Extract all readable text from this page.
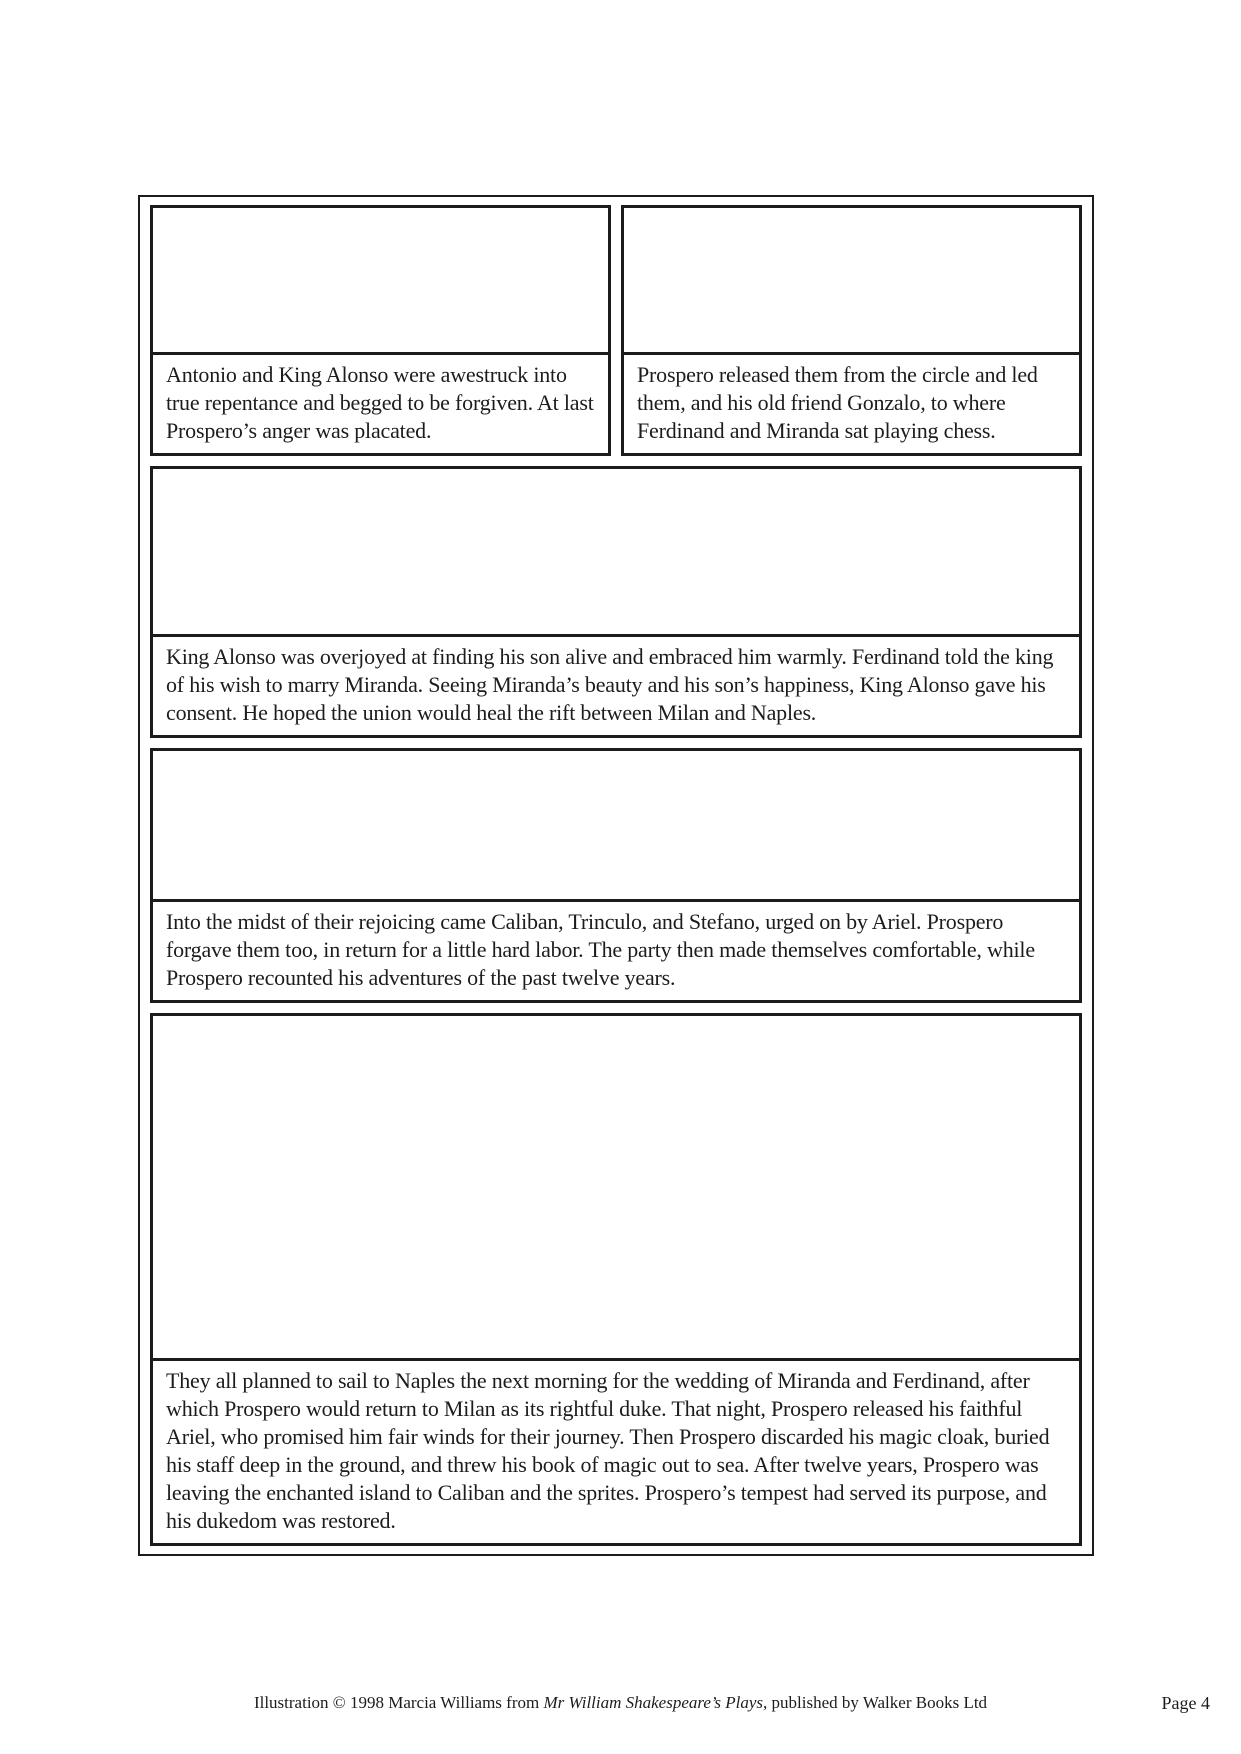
Antonio and King Alonso were awestruck into true repentance and begged to be forgiven. At last Prospero’s anger was placated.

Prospero released them from the circle and led them, and his old friend Gonzalo, to where Ferdinand and Miranda sat playing chess.

King Alonso was overjoyed at finding his son alive and embraced him warmly. Ferdinand told the king of his wish to marry Miranda. Seeing Miranda’s beauty and his son’s happiness, King Alonso gave his consent. He hoped the union would heal the rift between Milan and Naples.

Into the midst of their rejoicing came Caliban, Trinculo, and Stefano, urged on by Ariel. Prospero forgave them too, in return for a little hard labor. The party then made themselves comfortable, while Prospero recounted his adventures of the past twelve years.

They all planned to sail to Naples the next morning for the wedding of Miranda and Ferdinand, after which Prospero would return to Milan as its rightful duke. That night, Prospero released his faithful Ariel, who promised him fair winds for their journey. Then Prospero discarded his magic cloak, buried his staff deep in the ground, and threw his book of magic out to sea. After twelve years, Prospero was leaving the enchanted island to Caliban and the sprites. Prospero’s tempest had served its purpose, and his dukedom was restored.

Illustration © 1998 Marcia Williams from Mr William Shakespeare’s Plays, published by Walker Books Ltd	Page 4
